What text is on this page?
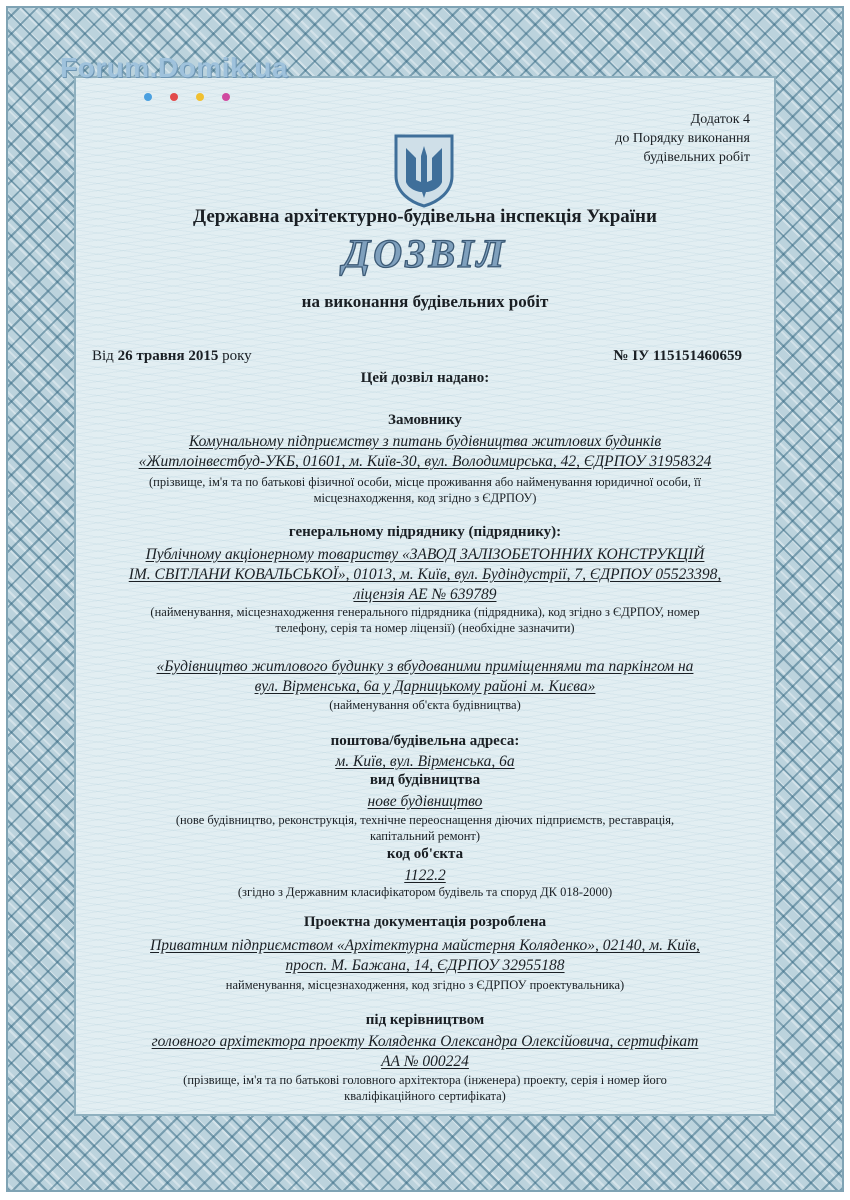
Forum.Domik.ua
Додаток 4
до Порядку виконання
будівельних робіт
Державна архітектурно-будівельна інспекція України
ДОЗВІЛ
на виконання будівельних робіт
Від 26 травня 2015 року	№ ІУ 115151460659
Цей дозвіл надано:
Замовнику
Комунальному підприємству з питань будівництва житлових будинків
«Житлоінвестбуд-УКБ, 01601, м. Київ-30, вул. Володимирська, 42, ЄДРПОУ 31958324
(прізвище, ім'я та по батькові фізичної особи, місце проживання або найменування юридичної особи, її
місцезнаходження, код згідно з ЄДРПОУ)
генеральному підряднику (підряднику):
Публічному акціонерному товариству «ЗАВОД ЗАЛІЗОБЕТОННИХ КОНСТРУКЦІЙ
ІМ. СВІТЛАНИ КОВАЛЬСЬКОЇ», 01013, м. Київ, вул. Будіндустрії, 7, ЄДРПОУ 05523398,
ліцензія АЕ № 639789
(найменування, місцезнаходження генерального підрядника (підрядника), код згідно з ЄДРПОУ, номер
телефону, серія та номер ліцензії) (необхідне зазначити)
«Будівництво житлового будинку з вбудованими приміщеннями та паркінгом на
вул. Вірменська, 6а у Дарницькому районі м. Києва»
(найменування об'єкта будівництва)
поштова/будівельна адреса:
м. Київ, вул. Вірменська, 6а
вид будівництва
нове будівництво
(нове будівництво, реконструкція, технічне переоснащення діючих підприємств, реставрація,
капітальний ремонт)
код об'єкта
1122.2
(згідно з Державним класифікатором будівель та споруд ДК 018-2000)
Проектна документація розроблена
Приватним підприємством «Архітектурна майстерня Коляденко», 02140, м. Київ,
просп. М. Бажана, 14, ЄДРПОУ 32955188
найменування, місцезнаходження, код згідно з ЄДРПОУ проектувальника)
під керівництвом
головного архітектора проекту Коляденка Олександра Олексійовича, сертифікат
АА № 000224
(прізвище, ім'я та по батькові головного архітектора (інженера) проекту, серія і номер його
кваліфікаційного сертифіката)
